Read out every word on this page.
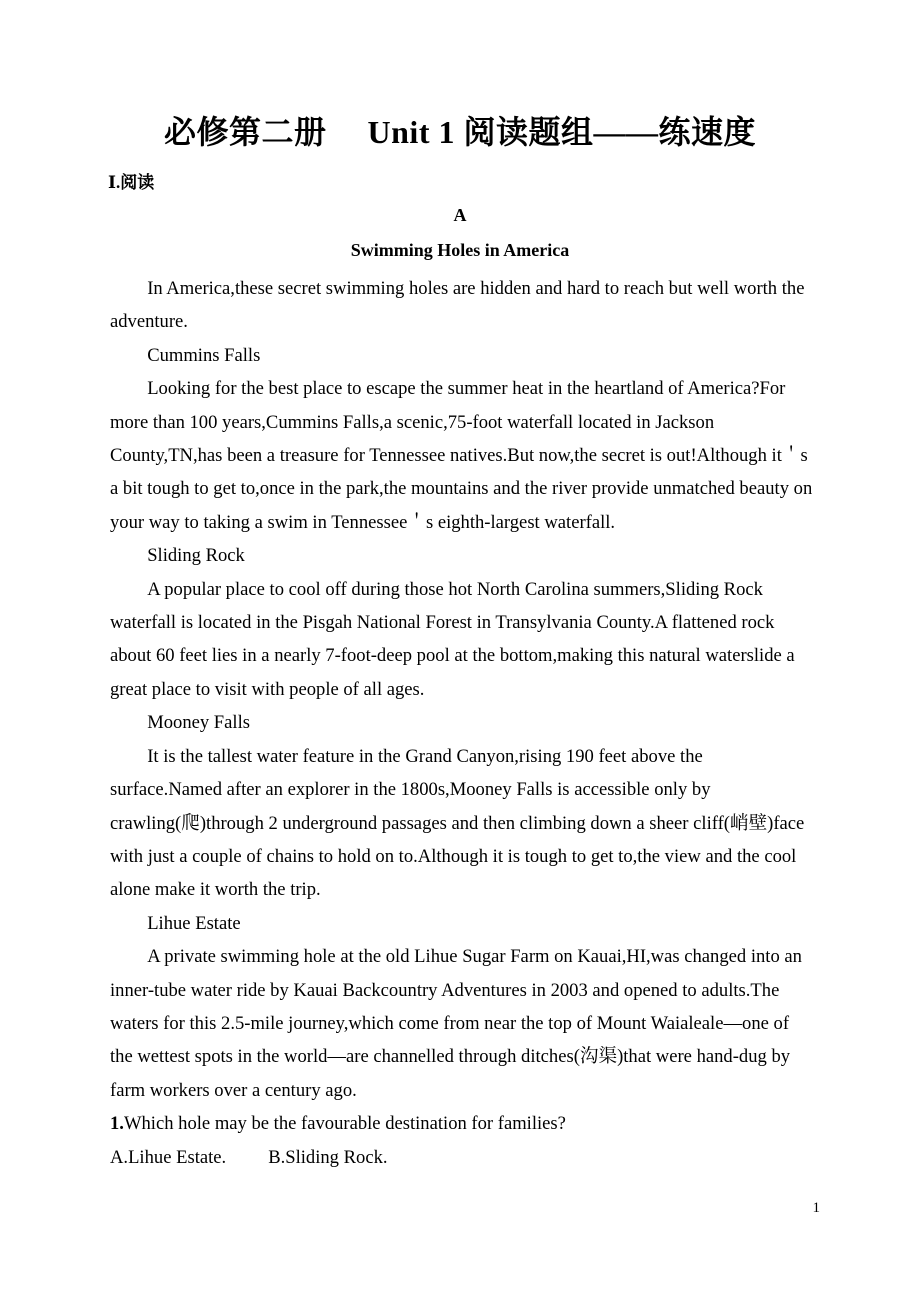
必修第二册　 Unit 1 阅读题组——练速度
Ⅰ.阅读
A
Swimming Holes in America

In America,these secret swimming holes are hidden and hard to reach but well worth the adventure.

Cummins Falls

Looking for the best place to escape the summer heat in the heartland of America?For more than 100 years,Cummins Falls,a scenic,75-foot waterfall located in Jackson County,TN,has been a treasure for Tennessee natives.But now,the secret is out!Although it＇s a bit tough to get to,once in the park,the mountains and the river provide unmatched beauty on your way to taking a swim in Tennessee＇s eighth-largest waterfall.

Sliding Rock

A popular place to cool off during those hot North Carolina summers,Sliding Rock waterfall is located in the Pisgah National Forest in Transylvania County.A flattened rock about 60 feet lies in a nearly 7-foot-deep pool at the bottom,making this natural waterslide a great place to visit with people of all ages.

Mooney Falls

It is the tallest water feature in the Grand Canyon,rising 190 feet above the surface.Named after an explorer in the 1800s,Mooney Falls is accessible only by crawling(爬)through 2 underground passages and then climbing down a sheer cliff(峭壁)face with just a couple of chains to hold on to.Although it is tough to get to,the view and the cool alone make it worth the trip.

Lihue Estate

A private swimming hole at the old Lihue Sugar Farm on Kauai,HI,was changed into an inner-tube water ride by Kauai Backcountry Adventures in 2003 and opened to adults.The waters for this 2.5-mile journey,which come from near the top of Mount Waialeale—one of the wettest spots in the world—are channelled through ditches(沟渠)that were hand-dug by farm workers over a century ago.

1.Which hole may be the favourable destination for families?

A.Lihue Estate. B.Sliding Rock.

1
